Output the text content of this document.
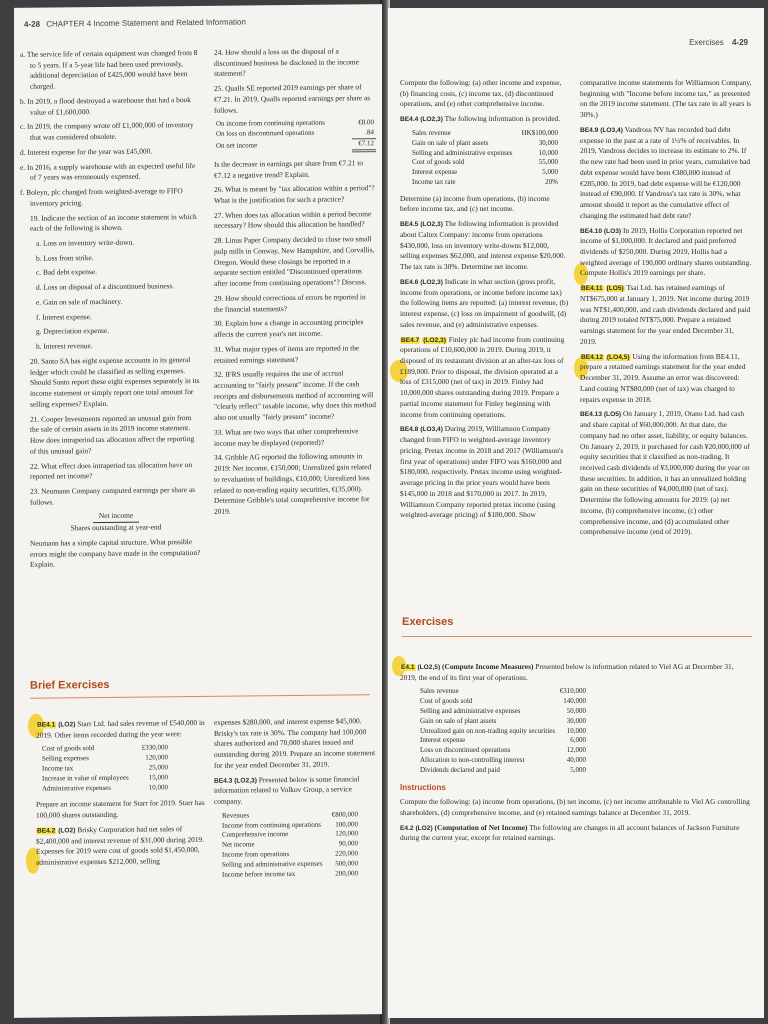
4-28 CHAPTER 4 Income Statement and Related Information

a. The service life of certain equipment was changed from 8 to 5 years. If a 5-year life had been used previously, additional depreciation of £425,000 would have been charged.

b. In 2019, a flood destroyed a warehouse that had a book value of £1,600,000.

c. In 2019, the company wrote off £1,000,000 of inventory that was considered obsolete.

d. Interest expense for the year was £45,000.

e. In 2016, a supply warehouse with an expected useful life of 7 years was erroneously expensed.

f. Boleyn, plc changed from weighted-average to FIFO inventory pricing.

19. Indicate the section of an income statement in which each of the following is shown.

a. Loss on inventory write-down.

b. Loss from strike.

c. Bad debt expense.

d. Loss on disposal of a discontinued business.

e. Gain on sale of machinery.

f. Interest expense.

g. Depreciation expense.

h. Interest revenue.

20. Santo SA has eight expense accounts in its general ledger which could be classified as selling expenses. Should Santo report these eight expenses separately in its income statement or simply report one total amount for selling expenses? Explain.

21. Cooper Investments reported an unusual gain from the sale of certain assets in its 2019 income statement. How does intraperiod tax allocation affect the reporting of this unusual gain?

22. What effect does intraperiod tax allocation have on reported net income?

23. Neumann Company computed earnings per share as follows.

Net income
Shares outstanding at year-end

Neumann has a simple capital structure. What possible errors might the company have made in the computation? Explain.

24. How should a loss on the disposal of a discontinued business be disclosed in the income statement?

25. Qualls SE reported 2019 earnings per share of €7.21. In 2019, Qualls reported earnings per share as follows.

On income from continuing operations	€8.00
On loss on discontinued operations	.84
On net income	€7.12

Is the decrease in earnings per share from €7.21 to €7.12 a negative trend? Explain.

26. What is meant by "tax allocation within a period"? What is the justification for such a practice?

27. When does tax allocation within a period become necessary? How should this allocation be handled?

28. Linus Paper Company decided to close two small pulp mills in Conway, New Hampshire, and Corvallis, Oregon. Would these closings be reported in a separate section entitled "Discontinued operations after income from continuing operations"? Discuss.

29. How should corrections of errors be reported in the financial statements?

30. Explain how a change in accounting principles affects the current year's net income.

31. What major types of items are reported in the retained earnings statement?

32. IFRS usually requires the use of accrual accounting to "fairly present" income. If the cash receipts and disbursements method of accounting will "clearly reflect" taxable income, why does this method also not usually "fairly present" income?

33. What are two ways that other comprehensive income may be displayed (reported)?

34. Gribble AG reported the following amounts in 2019: Net income, €150,000; Unrealized gain related to revaluation of buildings, €10,000; Unrealized loss related to non-trading equity securities, €(35,000). Determine Gribble's total comprehensive income for 2019.

Brief Exercises

BE4.1 (LO2) Starr Ltd. had sales revenue of £540,000 in 2019. Other items recorded during the year were:

Cost of goods sold	£330,000
Selling expenses	120,000
Income tax	25,000
Increase in value of employees	15,000
Administrative expenses	10,000

Prepare an income statement for Starr for 2019. Starr has 100,000 shares outstanding.

BE4.2 (LO2) Brisky Corporation had net sales of $2,400,000 and interest revenue of $31,000 during 2019. Expenses for 2019 were cost of goods sold $1,450,000, administrative expenses $212,000, selling

expenses $280,000, and interest expense $45,000. Brisky's tax rate is 30%. The company had 100,000 shares authorized and 70,000 shares issued and outstanding during 2019. Prepare an income statement for the year ended December 31, 2019.

BE4.3 (LO2,3) Presented below is some financial information related to Volkov Group, a service company.

Revenues	€800,000
Income from continuing operations	100,000
Comprehensive income	120,000
Net income	90,000
Income from operations	220,000
Selling and administrative expenses	500,000
Income before income tax	200,000
Exercises 4-29

Compute the following: (a) other income and expense, (b) financing costs, (c) income tax, (d) discontinued operations, and (e) other comprehensive income.

BE4.4 (LO2,3) The following information is provided.

Sales revenue	HK$100,000
Gain on sale of plant assets	30,000
Selling and administrative expenses	10,000
Cost of goods sold	55,000
Interest expense	5,000
Income tax rate	20%

Determine (a) income from operations, (b) income before income tax, and (c) net income.

BE4.5 (LO2,3) The following information is provided about Caltex Company: income from operations $430,000, loss on inventory write-downs $12,000, selling expenses $62,000, and interest expense $20,000. The tax rate is 30%. Determine net income.

BE4.6 (LO2,3) Indicate in what section (gross profit, income from operations, or income before income tax) the following items are reported: (a) interest revenue, (b) interest expense, (c) loss on impairment of goodwill, (d) sales revenue, and (e) administrative expenses.

BE4.7 (LO2,3) Finley plc had income from continuing operations of £10,600,000 in 2019. During 2019, it disposed of its restaurant division at an after-tax loss of £189,000. Prior to disposal, the division operated at a loss of £315,000 (net of tax) in 2019. Finley had 10,000,000 shares outstanding during 2019. Prepare a partial income statement for Finley beginning with income from continuing operations.

BE4.8 (LO3,4) During 2019, Williamson Company changed from FIFO to weighted-average inventory pricing. Pretax income in 2018 and 2017 (Williamson's first year of operations) under FIFO was $160,000 and $180,000, respectively. Pretax income using weighted-average pricing in the prior years would have been $145,000 in 2018 and $170,000 in 2017. In 2019, Williamson Company reported pretax income (using weighted-average pricing) of $180,000. Show

comparative income statements for Williamson Company, beginning with "Income before income tax," as presented on the 2019 income statement. (The tax rate in all years is 30%.)

BE4.9 (LO3,4) Vandross NV has recorded bad debt expense in the past at a rate of 1½% of receivables. In 2019, Vandross decides to increase its estimate to 2%. If the new rate had been used in prior years, cumulative bad debt expense would have been €380,000 instead of €285,000. In 2019, bad debt expense will be €120,000 instead of €90,000. If Vandross's tax rate is 30%, what amount should it report as the cumulative effect of changing the estimated bad debt rate?

BE4.10 (LO3) In 2019, Hollis Corporation reported net income of $1,000,000. It declared and paid preferred dividends of $250,000. During 2019, Hollis had a weighted average of 190,000 ordinary shares outstanding. Compute Hollis's 2019 earnings per share.

BE4.11 (LO5) Tsai Ltd. has retained earnings of NT$675,000 at January 1, 2019. Net income during 2019 was NT$1,400,000, and cash dividends declared and paid during 2019 totaled NT$75,000. Prepare a retained earnings statement for the year ended December 31, 2019.

BE4.12 (LO4,5) Using the information from BE4.11, prepare a retained earnings statement for the year ended December 31, 2019. Assume an error was discovered: Land costing NT$80,000 (net of tax) was charged to repairs expense in 2018.

BE4.13 (LO5) On January 1, 2019, Otano Ltd. had cash and share capital of ¥60,000,000. At that date, the company had no other asset, liability, or equity balances. On January 2, 2019, it purchased for cash ¥20,000,000 of equity securities that it classified as non-trading. It received cash dividends of ¥3,000,000 during the year on these securities. In addition, it has an unrealized holding gain on these securities of ¥4,000,000 (net of tax). Determine the following amounts for 2019: (a) net income, (b) comprehensive income, (c) other comprehensive income, and (d) accumulated other comprehensive income (end of 2019).

Exercises

E4.1 (LO2,5) (Compute Income Measures) Presented below is information related to Viel AG at December 31, 2019, the end of its first year of operations.

Sales revenue	€310,000
Cost of goods sold	140,000
Selling and administrative expenses	50,000
Gain on sale of plant assets	30,000
Unrealized gain on non-trading equity securities	10,000
Interest expense	6,000
Loss on discontinued operations	12,000
Allocation to non-controlling interest	40,000
Dividends declared and paid	5,000

Instructions

Compute the following: (a) income from operations, (b) net income, (c) net income attributable to Viel AG controlling shareholders, (d) comprehensive income, and (e) retained earnings balance at December 31, 2019.

E4.2 (LO2) (Computation of Net Income) The following are changes in all account balances of Jackson Furniture during the current year, except for retained earnings.
